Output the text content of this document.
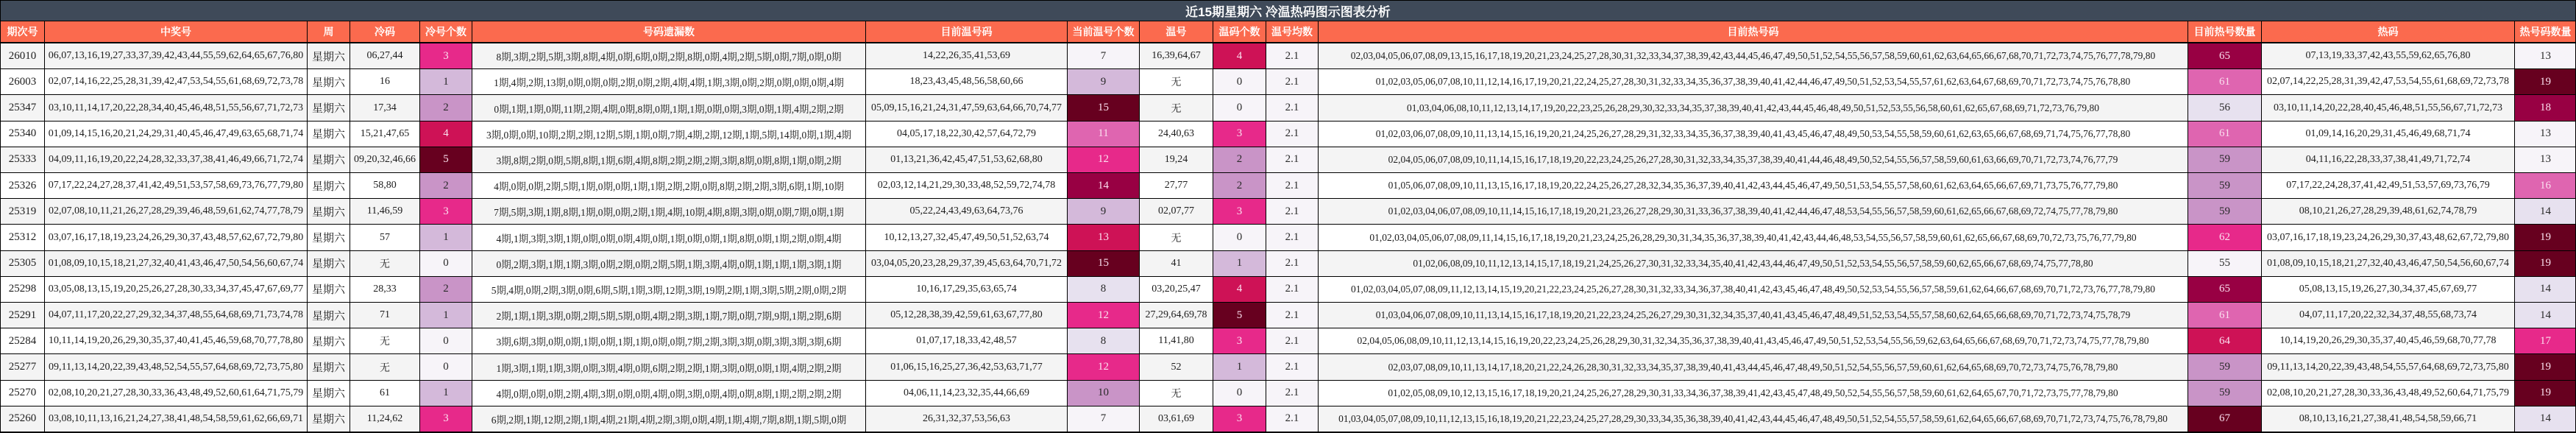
近15期星期六 冷温热码图示图表分析
期次号	中奖号	周	冷码	冷号个数	号码遗漏数	目前温号码	当前温号个数	温号	温码个数	温号均数	目前热号码	目前热号数量	热码	热号码数量
26010	06,07,13,16,19,27,33,37,39,42,43,44,55,59,62,64,65,67,76,80 星期六	06,27,44	3	8期,3期,2期,5期,3期,8期,4期,0期,6期,0期,2期,8期,0期,4期,2期,5期,0期,7期,0期,0期	14,22,26,35,41,53,69	7	16,39,64,67	4	2.1	02,03,04,05,06,07,08,09,13,15,16,17,18,19,20,21,23,24,25,27,28,30,31,32,33,34,37,38,39,42,43,44,45,46,47,49,50,51,52,54,55,56,57,58,59,60,61,62,63,64,65,66,67,68,70,71,72,73,74,75,76,77,78,79,80	65	07,13,19,33,37,42,43,55,59,62,65,76,80	13
26003	02,07,14,16,22,25,28,31,39,42,47,53,54,55,61,68,69,72,73,78 星期六	16	1	1期,4期,2期,13期,0期,0期,0期,2期,0期,2期,4期,4期,1期,3期,0期,2期,0期,0期,0期,4期	18,23,43,45,48,56,58,60,66	9	无	0	2.1	01,02,03,05,06,07,08,10,11,12,14,16,17,19,20,21,22,24,25,27,28,30,31,32,33,34,35,36,37,38,39,40,41,42,44,46,47,49,50,51,52,53,54,55,57,61,62,63,64,67,68,69,70,71,72,73,74,75,76,78,80	61	02,07,14,22,25,28,31,39,42,47,53,54,55,61,68,69,72,73,78	19
25347	03,10,11,14,17,20,22,28,34,40,45,46,48,51,55,56,67,71,72,73 星期六	17,34	2	0期,1期,1期,0期,11期,2期,4期,0期,8期,0期,1期,1期,0期,0期,3期,0期,1期,4期,2期,2期	05,09,15,16,21,24,31,47,59,63,64,66,70,74,77	15	无	0	2.1	01,03,04,06,08,10,11,12,13,14,17,19,20,22,23,25,26,28,29,30,32,33,34,35,37,38,39,40,41,42,43,44,45,46,48,49,50,51,52,53,55,56,58,60,61,62,65,67,68,69,71,72,73,76,79,80	56	03,10,11,14,20,22,28,40,45,46,48,51,55,56,67,71,72,73	18
25340	01,09,14,15,16,20,21,24,29,31,40,45,46,47,49,63,65,68,71,74 星期六	15,21,47,65	4	3期,0期,0期,10期,2期,2期,12期,5期,1期,0期,7期,4期,2期,12期,1期,5期,14期,0期,1期,4期	04,05,17,18,22,30,42,57,64,72,79	11	24,40,63	3	2.1	01,02,03,06,07,08,09,10,11,13,14,15,16,19,20,21,24,25,26,27,28,29,31,32,33,34,35,36,37,38,39,40,41,43,45,46,47,48,49,50,53,54,55,58,59,60,61,62,63,65,66,67,68,69,71,74,75,76,77,78,80	61	01,09,14,16,20,29,31,45,46,49,68,71,74	13
25333	04,09,11,16,19,20,22,24,28,32,33,37,38,41,46,49,66,71,72,74 星期六 09,20,32,46,66	5	3期,8期,2期,0期,5期,8期,1期,6期,4期,8期,2期,2期,2期,3期,8期,0期,8期,1期,0期,2期	01,13,21,36,42,45,47,51,53,62,68,80	12	19,24	2	2.1	02,04,05,06,07,08,09,10,11,14,15,16,17,18,19,20,22,23,24,25,26,27,28,30,31,32,33,34,35,37,38,39,40,41,44,46,48,49,50,52,54,55,56,57,58,59,60,61,63,66,69,70,71,72,73,74,76,77,79	59	04,11,16,22,28,33,37,38,41,49,71,72,74	13
25326	07,17,22,24,27,28,37,41,42,49,51,53,57,58,69,73,76,77,79,80 星期六	58,80	2	4期,0期,0期,2期,5期,1期,0期,0期,1期,1期,2期,2期,0期,8期,2期,2期,3期,6期,1期,10期	02,03,12,14,21,29,30,33,48,52,59,72,74,78	14	27,77	2	2.1	01,05,06,07,08,09,10,11,13,15,16,17,18,19,20,22,24,25,26,27,28,32,34,35,36,37,39,40,41,42,43,44,45,46,47,49,50,51,53,54,55,57,58,60,61,62,63,64,65,66,67,69,71,73,75,76,77,79,80	59	07,17,22,24,28,37,41,42,49,51,53,57,69,73,76,79	16
25319	02,07,08,10,11,21,26,27,28,29,39,46,48,59,61,62,74,77,78,79 星期六	11,46,59	3	7期,5期,3期,1期,8期,1期,0期,0期,2期,1期,4期,10期,4期,8期,3期,0期,0期,7期,0期,1期	05,22,24,43,49,63,64,73,76	9	02,07,77	3	2.1	01,02,03,04,06,07,08,09,10,11,14,15,16,17,18,19,20,21,23,26,27,28,29,30,31,33,36,37,38,39,40,41,42,44,46,47,48,53,54,55,56,57,58,59,60,61,62,65,66,67,68,69,72,74,75,77,78,79,80	59	08,10,21,26,27,28,29,39,48,61,62,74,78,79	14
25312	03,07,16,17,18,19,23,24,26,29,30,37,43,48,57,62,67,72,79,80 星期六	57	1	4期,1期,3期,3期,1期,0期,0期,0期,4期,0期,1期,0期,0期,1期,8期,0期,1期,2期,0期,4期	10,12,13,27,32,45,47,49,50,51,52,63,74	13	无	0	2.1	01,02,03,04,05,06,07,08,09,11,14,15,16,17,18,19,20,21,23,24,25,26,28,29,30,31,34,35,36,37,38,39,40,41,42,43,44,46,48,53,54,55,56,57,58,59,60,61,62,65,66,67,68,69,70,72,73,75,76,77,79,80	62	03,07,16,17,18,19,23,24,26,29,30,37,43,48,62,67,72,79,80	19
25305	01,08,09,10,15,18,21,27,32,40,41,43,46,47,50,54,56,60,67,74 星期六	无	0	0期,2期,3期,1期,1期,3期,0期,2期,0期,2期,5期,1期,3期,4期,0期,1期,1期,1期,3期,1期	03,04,05,20,23,28,29,37,39,45,63,64,70,71,72	15	41	1	2.1	01,02,06,08,09,10,11,12,13,14,15,17,18,19,21,24,25,26,27,30,31,32,33,34,35,40,41,42,43,44,46,47,49,50,51,52,53,54,55,56,57,58,59,60,62,65,66,67,68,69,74,75,77,78,80	55	01,08,09,10,15,18,21,27,32,40,43,46,47,50,54,56,60,67,74	19
25298	03,05,08,13,15,19,20,25,26,27,28,30,33,34,37,45,47,67,69,77 星期六	28,33	2	5期,4期,0期,2期,3期,0期,6期,5期,1期,3期,12期,3期,19期,2期,1期,3期,5期,2期,0期,2期	10,16,17,29,35,63,65,74	8	03,20,25,47	4	2.1	01,02,03,04,05,07,08,09,11,12,13,14,15,19,20,21,22,23,24,25,26,27,28,30,31,32,33,34,36,37,38,40,41,42,43,45,46,47,48,49,50,52,53,54,55,56,57,58,59,61,62,64,66,67,68,69,70,71,72,73,76,77,78,79,80	65	05,08,13,15,19,26,27,30,34,37,45,67,69,77	14
25291	04,07,11,17,20,22,27,29,32,34,37,48,55,64,68,69,71,73,74,78 星期六	71	1	2期,1期,1期,3期,0期,2期,5期,5期,0期,4期,2期,3期,1期,7期,0期,7期,9期,1期,2期,6期	05,12,28,38,39,42,59,61,63,67,77,80	12	27,29,64,69,78	5	2.1	01,03,04,06,07,08,09,10,11,13,14,15,16,17,18,19,20,21,22,23,24,25,26,27,29,30,31,32,34,35,37,40,41,43,45,46,47,48,49,51,52,53,54,55,57,58,60,62,64,65,66,68,69,70,71,72,73,74,75,78,79	61	04,07,11,17,20,22,32,34,37,48,55,68,73,74	14
25284	10,11,14,19,20,26,29,30,35,37,40,41,45,46,59,68,70,77,78,80 星期六	无	0	3期,6期,3期,0期,0期,1期,0期,1期,1期,0期,0期,7期,2期,3期,3期,0期,3期,3期,3期,6期	01,07,17,18,33,42,48,57	8	11,41,80	3	2.1	02,04,05,06,08,09,10,11,12,13,14,15,16,19,20,22,23,24,25,26,28,29,30,31,32,34,35,36,37,38,39,40,41,43,45,46,47,49,50,51,52,53,54,55,56,59,62,63,64,65,66,67,68,69,70,71,72,73,74,75,77,78,79,80	64	10,14,19,20,26,29,30,35,37,40,45,46,59,68,70,77,78	17
25277	09,11,13,14,20,22,39,43,48,52,54,55,57,64,68,69,72,73,75,80 星期六	无	0	1期,3期,1期,1期,3期,0期,3期,4期,0期,6期,2期,2期,1期,3期,0期,0期,1期,4期,2期,2期	01,06,15,16,25,27,36,42,53,63,71,77	12	52	1	2.1	02,03,07,08,09,10,11,13,14,17,18,20,21,22,24,26,28,30,31,32,33,34,35,37,38,39,40,41,43,44,45,46,47,48,49,50,51,52,54,55,56,57,59,60,61,62,64,65,68,69,70,72,73,74,75,76,78,79,80	59	09,11,13,14,20,22,39,43,48,54,55,57,64,68,69,72,73,75,80	19
25270	02,08,10,20,21,27,28,30,33,36,43,48,49,52,60,61,64,71,75,79 星期六	61	1	4期,0期,0期,0期,2期,4期,3期,0期,0期,4期,0期,3期,0期,4期,0期,8期,1期,2期,2期,2期	04,06,11,14,23,32,35,44,66,69	10	无	0	2.1	01,02,05,08,09,10,12,13,15,16,17,18,19,20,21,24,25,26,27,28,29,30,31,33,34,36,37,38,39,41,42,43,45,47,48,49,50,52,54,55,56,57,58,59,60,61,62,64,65,67,70,71,72,73,75,77,78,79,80	59	02,08,10,20,21,27,28,30,33,36,43,48,49,52,60,64,71,75,79	19
25260	03,08,10,11,13,16,21,24,27,38,41,48,54,58,59,61,62,66,69,71 星期六	11,24,62	3	6期,2期,1期,12期,2期,1期,4期,21期,4期,2期,3期,0期,4期,1期,4期,7期,8期,1期,5期,0期	26,31,32,37,53,56,63	7	03,61,69	3	2.1	01,03,04,05,07,08,09,10,11,12,13,15,16,18,19,20,21,22,23,24,25,27,28,29,30,33,34,35,36,38,39,40,41,42,43,44,45,46,47,48,49,50,51,52,54,55,57,58,59,61,62,64,65,66,67,68,69,70,71,72,73,74,75,76,78,79,80	67	08,10,13,16,21,27,38,41,48,54,58,59,66,71	14
